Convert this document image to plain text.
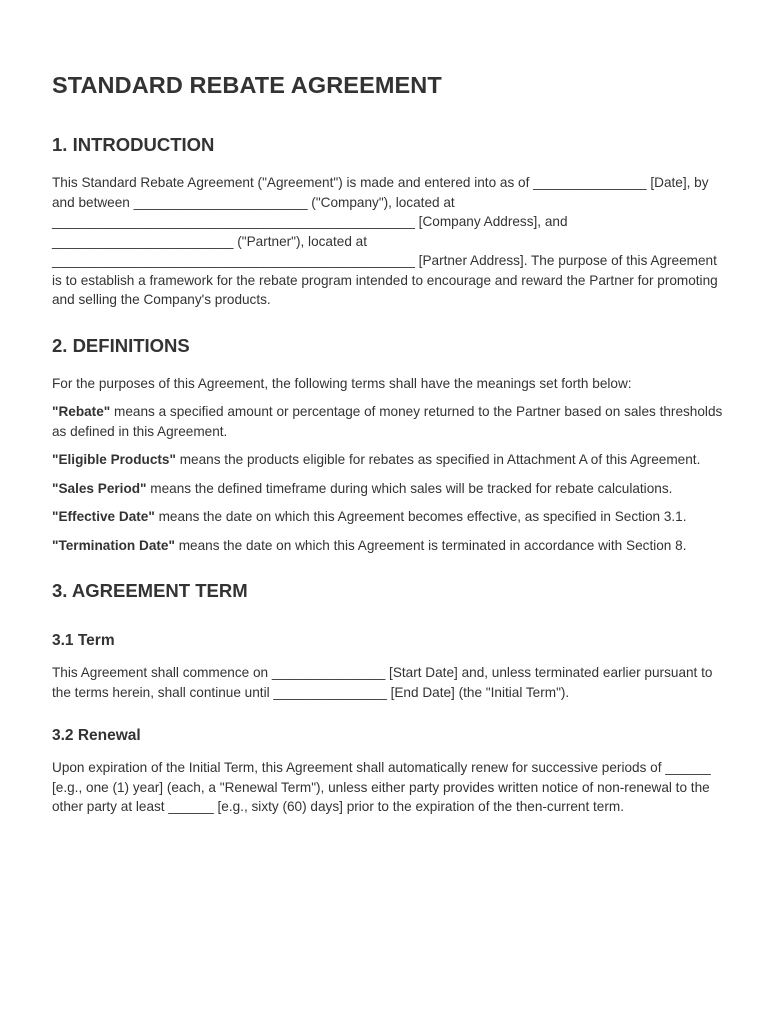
STANDARD REBATE AGREEMENT
1. INTRODUCTION

This Standard Rebate Agreement ("Agreement") is made and entered into as of _______________ [Date], by and between _______________________ ("Company"), located at ________________________________________________ [Company Address], and ________________________ ("Partner"), located at ________________________________________________ [Partner Address]. The purpose of this Agreement is to establish a framework for the rebate program intended to encourage and reward the Partner for promoting and selling the Company's products.

2. DEFINITIONS

For the purposes of this Agreement, the following terms shall have the meanings set forth below:

"Rebate" means a specified amount or percentage of money returned to the Partner based on sales thresholds as defined in this Agreement.

"Eligible Products" means the products eligible for rebates as specified in Attachment A of this Agreement.

"Sales Period" means the defined timeframe during which sales will be tracked for rebate calculations.

"Effective Date" means the date on which this Agreement becomes effective, as specified in Section 3.1.

"Termination Date" means the date on which this Agreement is terminated in accordance with Section 8.

3. AGREEMENT TERM
3.1 Term

This Agreement shall commence on _______________ [Start Date] and, unless terminated earlier pursuant to the terms herein, shall continue until _______________ [End Date] (the "Initial Term").

3.2 Renewal

Upon expiration of the Initial Term, this Agreement shall automatically renew for successive periods of ______ [e.g., one (1) year] (each, a "Renewal Term"), unless either party provides written notice of non-renewal to the other party at least ______ [e.g., sixty (60) days] prior to the expiration of the then-current term.
